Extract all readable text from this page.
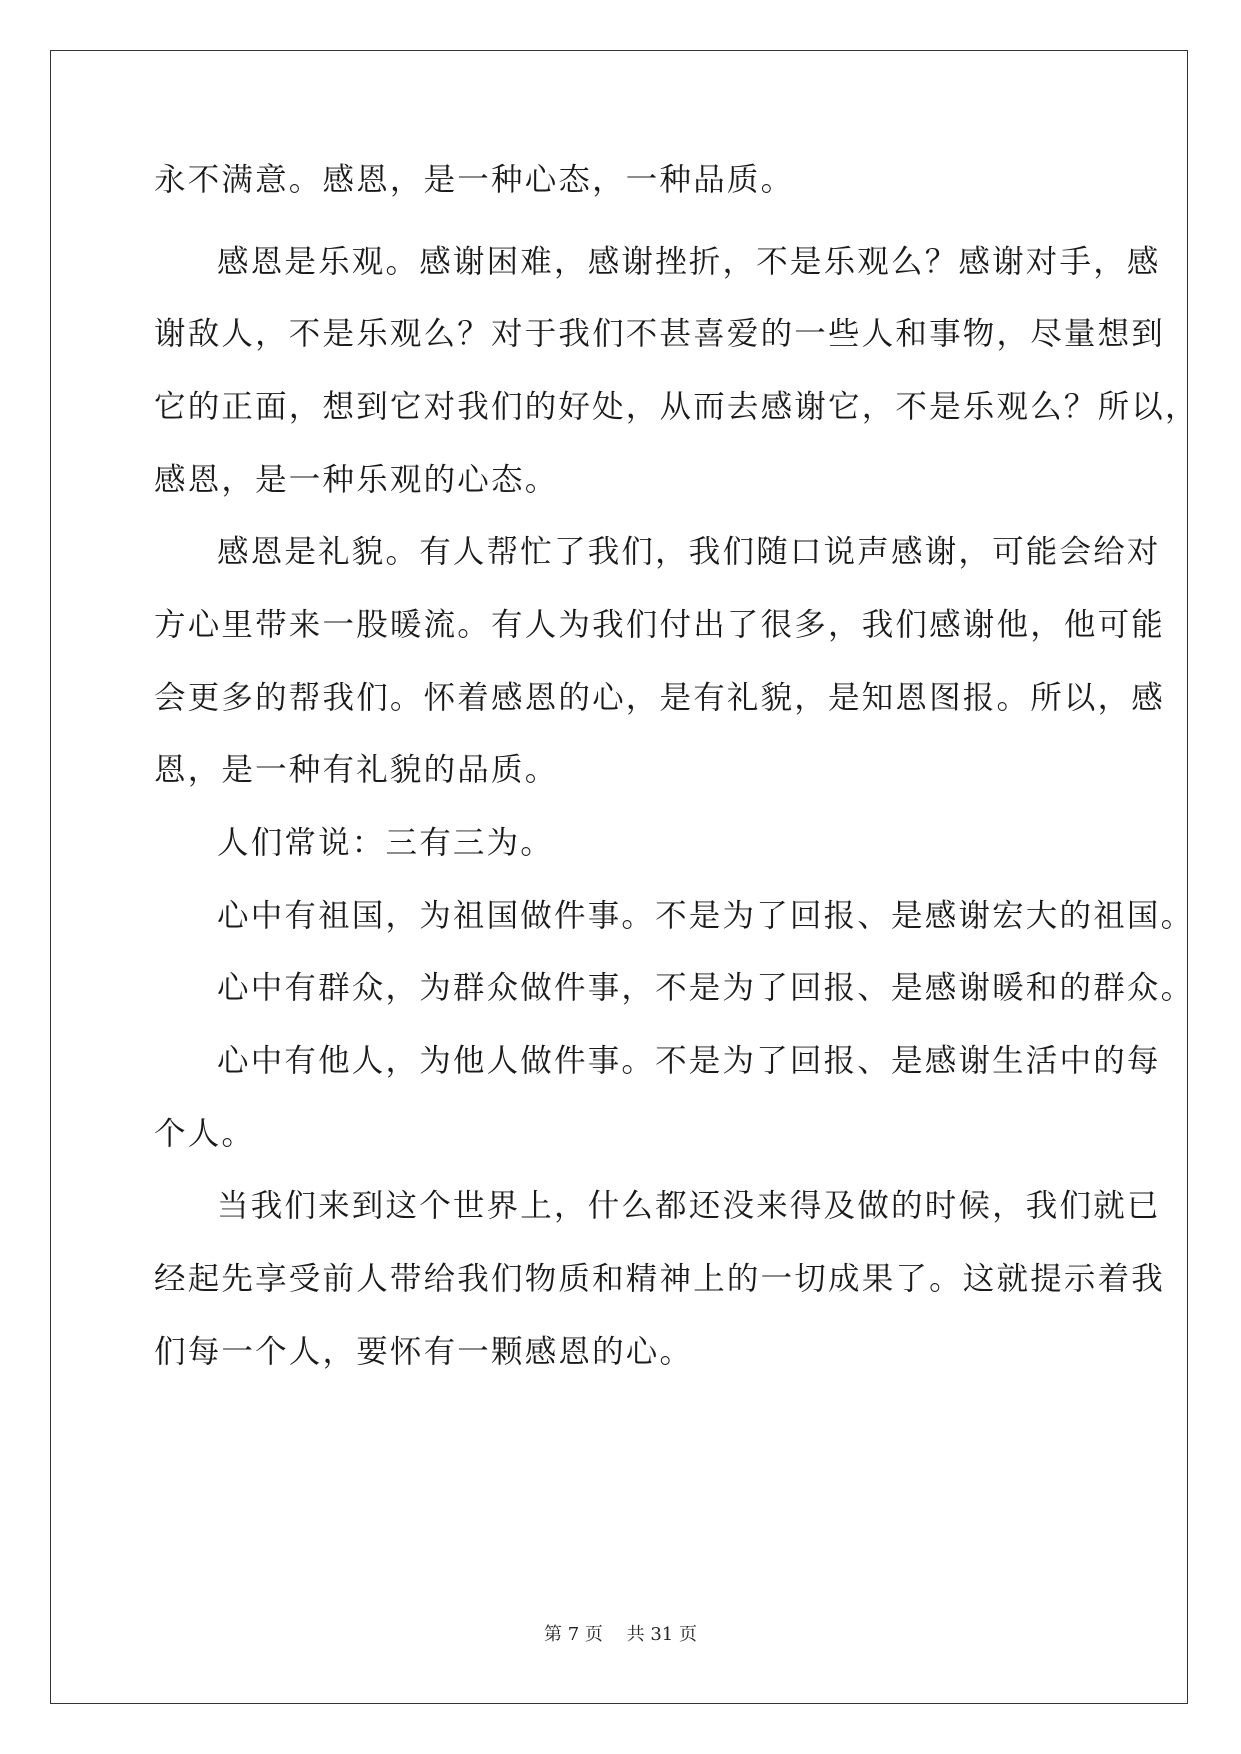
永不满意。感恩，是一种心态，一种品质。
感恩是乐观。感谢困难，感谢挫折，不是乐观么？感谢对手，感
谢敌人，不是乐观么？对于我们不甚喜爱的一些人和事物，尽量想到
它的正面，想到它对我们的好处，从而去感谢它，不是乐观么？所以，
感恩，是一种乐观的心态。
感恩是礼貌。有人帮忙了我们，我们随口说声感谢，可能会给对
方心里带来一股暖流。有人为我们付出了很多，我们感谢他，他可能
会更多的帮我们。怀着感恩的心，是有礼貌，是知恩图报。所以，感
恩，是一种有礼貌的品质。
人们常说：三有三为。
心中有祖国，为祖国做件事。不是为了回报、是感谢宏大的祖国。
心中有群众，为群众做件事，不是为了回报、是感谢暖和的群众。
心中有他人，为他人做件事。不是为了回报、是感谢生活中的每
个人。
当我们来到这个世界上，什么都还没来得及做的时候，我们就已
经起先享受前人带给我们物质和精神上的一切成果了。这就提示着我
们每一个人，要怀有一颗感恩的心。
第 7 页　 共 31 页
